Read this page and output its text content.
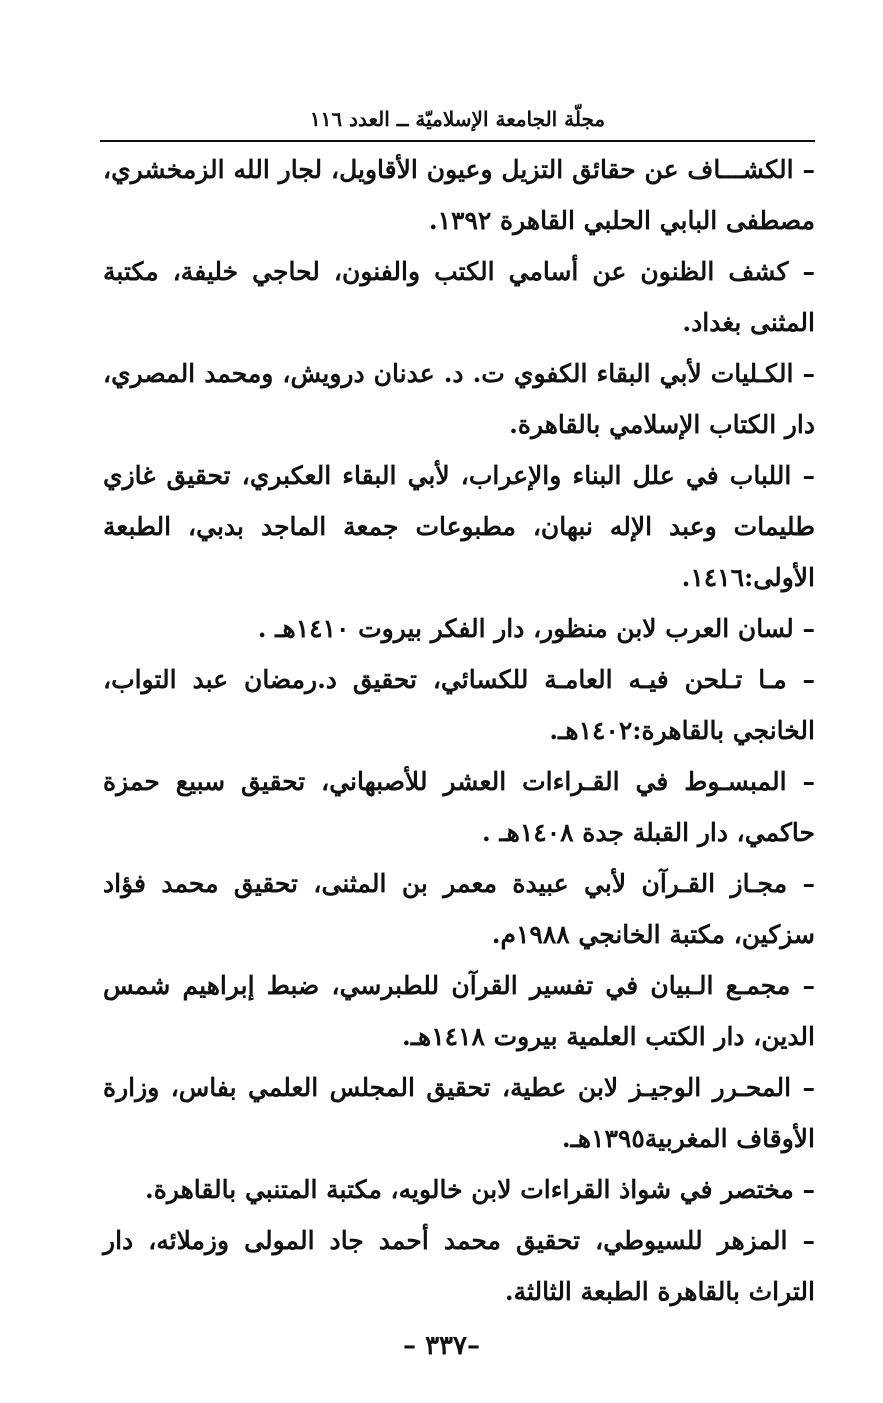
مجلّة الجامعة الإسلاميّة ــ العدد ١١٦

– الكشـــاف عن حقائق التزيل وعيون الأقاويل، لجار الله الزمخشري، مصطفى البابي الحلبي القاهرة ١٣٩٢.

– كشف الظنون عن أسامي الكتب والفنون، لحاجي خليفة، مكتبة المثنى بغداد.

– الكـليات لأبي البقاء الكفوي ت. د. عدنان درويش، ومحمد المصري، دار الكتاب الإسلامي بالقاهرة.

– اللباب في علل البناء والإعراب، لأبي البقاء العكبري، تحقيق غازي طليمات وعبد الإله نبهان، مطبوعات جمعة الماجد بدبي، الطبعة الأولى:١٤١٦.

– لسان العرب لابن منظور، دار الفكر بيروت ١٤١٠هـ .

– مـا تـلحن فيـه العامـة للكسائي، تحقيق د.رمضان عبد التواب، الخانجي بالقاهرة:١٤٠٢هـ.

– المبسـوط في القـراءات العشر للأصبهاني، تحقيق سبيع حمزة حاكمي، دار القبلة جدة ١٤٠٨هـ .

– مجـاز القـرآن لأبي عبيدة معمر بن المثنى، تحقيق محمد فؤاد سزكين، مكتبة الخانجي ١٩٨٨م.

– مجمـع الـبيان في تفسير القرآن للطبرسي، ضبط إبراهيم شمس الدين، دار الكتب العلمية بيروت ١٤١٨هـ.

– المحـرر الوجيـز لابن عطية، تحقيق المجلس العلمي بفاس، وزارة الأوقاف المغربية١٣٩٥هـ.

– مختصر في شواذ القراءات لابن خالويه، مكتبة المتنبي بالقاهرة.

– المزهر للسيوطي، تحقيق محمد أحمد جاد المولى وزملائه، دار التراث بالقاهرة الطبعة الثالثة.

–٣٣٧ –
